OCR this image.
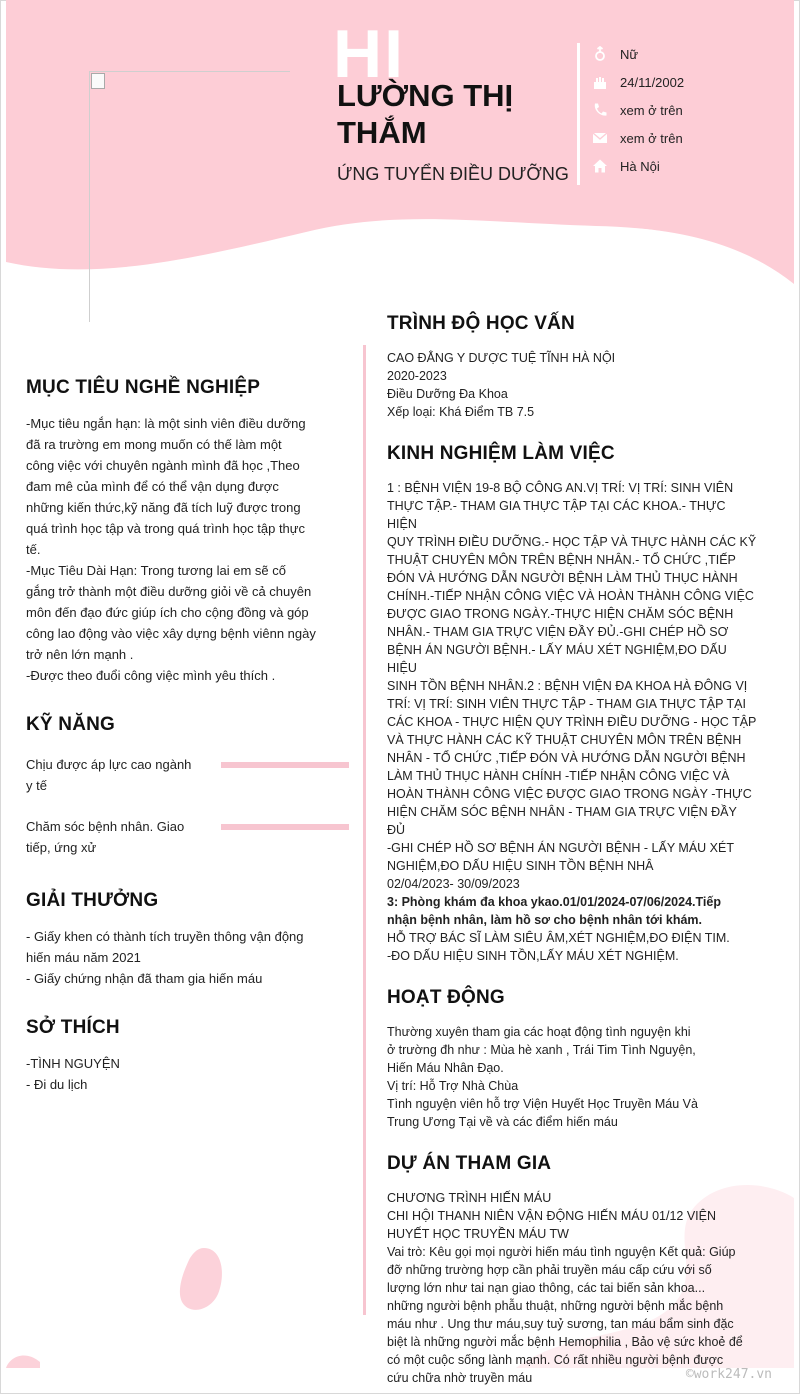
HI
LƯỜNG THỊ THẮM
ỨNG TUYỂN ĐIỀU DƯỠNG
Nữ
24/11/2002
xem ở trên
xem ở trên
Hà Nội
MỤC TIÊU NGHỀ NGHIỆP
-Mục tiêu ngắn hạn: là một sinh viên điều dưỡng
đã ra trường em mong muốn có thế làm một
công việc với chuyên ngành mình đã học ,Theo
đam mê của mình để có thể vận dụng được
những kiến thức,kỹ năng đã tích luỹ được trong
quá trình học tập và trong quá trình học tập thực
tế.
-Mục Tiêu Dài Hạn: Trong tương lai em sẽ cố
gắng trở thành một điều dưỡng giỏi về cả chuyên
môn đến đạo đức giúp ích cho cộng đồng và góp
công lao động vào việc xây dựng bệnh viênn ngày
trở nên lớn mạnh .
-Được theo đuổi công việc mình yêu thích .
KỸ NĂNG
Chịu được áp lực cao ngành
y tế
Chăm sóc bệnh nhân. Giao
tiếp, ứng xử
GIẢI THƯỞNG
- Giấy khen có thành tích truyền thông vận động
hiến máu năm 2021
- Giấy chứng nhận đã tham gia hiến máu
SỞ THÍCH
-TÌNH NGUYỆN
- Đi du lịch
TRÌNH ĐỘ HỌC VẤN
CAO ĐẲNG Y DƯỢC TUỆ TĨNH HÀ NỘI
2020-2023
Điều Dưỡng Đa Khoa
Xếp loại: Khá Điểm TB 7.5
KINH NGHIỆM LÀM VIỆC
1 : BỆNH VIỆN 19-8 BỘ CÔNG AN.VỊ TRÍ: VỊ TRÍ: SINH VIÊN
THỰC TẬP.- THAM GIA THỰC TẬP TẠI CÁC KHOA.- THỰC HIỆN
QUY TRÌNH ĐIỀU DƯỠNG.- HỌC TẬP VÀ THỰC HÀNH CÁC KỸ
THUẬT CHUYÊN MÔN TRÊN BỆNH NHÂN.- TỔ CHỨC ,TIẾP
ĐÓN VÀ HƯỚNG DẪN NGƯỜI BỆNH LÀM THỦ THỤC HÀNH
CHÍNH.-TIẾP NHẬN CÔNG VIỆC VÀ HOÀN THÀNH CÔNG VIỆC
ĐƯỢC GIAO TRONG NGÀY.-THỰC HIỆN CHĂM SÓC BỆNH
NHÂN.- THAM GIA TRỰC VIỆN ĐẦY ĐỦ.-GHI CHÉP HỒ SƠ
BỆNH ÁN NGƯỜI BỆNH.- LẤY MÁU XÉT NGHIỆM,ĐO DẤU HIỆU
SINH TỒN BỆNH NHÂN.2 : BỆNH VIỆN ĐA KHOA HÀ ĐÔNG VỊ
TRÍ: VỊ TRÍ: SINH VIÊN THỰC TẬP - THAM GIA THỰC TẬP TẠI
CÁC KHOA - THỰC HIỆN QUY TRÌNH ĐIỀU DƯỠNG - HỌC TẬP
VÀ THỰC HÀNH CÁC KỸ THUẬT CHUYÊN MÔN TRÊN BỆNH
NHÂN - TỔ CHỨC ,TIẾP ĐÓN VÀ HƯỚNG DẪN NGƯỜI BỆNH
LÀM THỦ THỤC HÀNH CHÍNH -TIẾP NHẬN CÔNG VIỆC VÀ
HOÀN THÀNH CÔNG VIỆC ĐƯỢC GIAO TRONG NGÀY -THỰC
HIỆN CHĂM SÓC BỆNH NHÂN - THAM GIA TRỰC VIỆN ĐẦY ĐỦ
-GHI CHÉP HỒ SƠ BỆNH ÁN NGƯỜI BỆNH - LẤY MÁU XÉT
NGHIỆM,ĐO DẤU HIỆU SINH TỒN BỆNH NHÂ
02/04/2023- 30/09/2023
3: Phòng khám đa khoa ykao.01/01/2024-07/06/2024.Tiếp
nhận bệnh nhân, làm hồ sơ cho bệnh nhân tới khám.
HỖ TRỢ BÁC SĨ LÀM SIÊU ÂM,XÉT NGHIỆM,ĐO ĐIỆN TIM.
-ĐO DẤU HIỆU SINH TỒN,LẤY MÁU XÉT NGHIỆM.
HOẠT ĐỘNG
Thường xuyên tham gia các hoạt động tình nguyện khi
ở trường đh như : Mùa hè xanh , Trái Tim Tình Nguyện,
Hiến Máu Nhân Đạo.
Vị trí: Hỗ Trợ Nhà Chùa
Tình nguyện viên hỗ trợ Viện Huyết Học Truyền Máu Và
Trung Ương Tại về và các điểm hiến máu
DỰ ÁN THAM GIA
CHƯƠNG TRÌNH HIẾN MÁU
CHI HỘI THANH NIÊN VẬN ĐỘNG HIẾN MÁU 01/12 VIỆN
HUYẾT HỌC TRUYỀN MÁU TW
Vai trò: Kêu gọi mọi người hiến máu tình nguyện Kết quả: Giúp
đỡ những trường hợp cần phải truyền máu cấp cứu với số
lượng lớn như tai nạn giao thông, các tai biến sản khoa...
những người bệnh phẫu thuật, những người bệnh mắc bệnh
máu như . Ung thư máu,suy tuỷ sương, tan máu bẩm sinh đặc
biệt là những người mắc bệnh Hemophilia , Bảo vệ sức khoẻ để
có một cuộc sống lành mạnh. Có rất nhiều người bệnh được
cứu chữa nhờ truyền máu	©work247.vn
